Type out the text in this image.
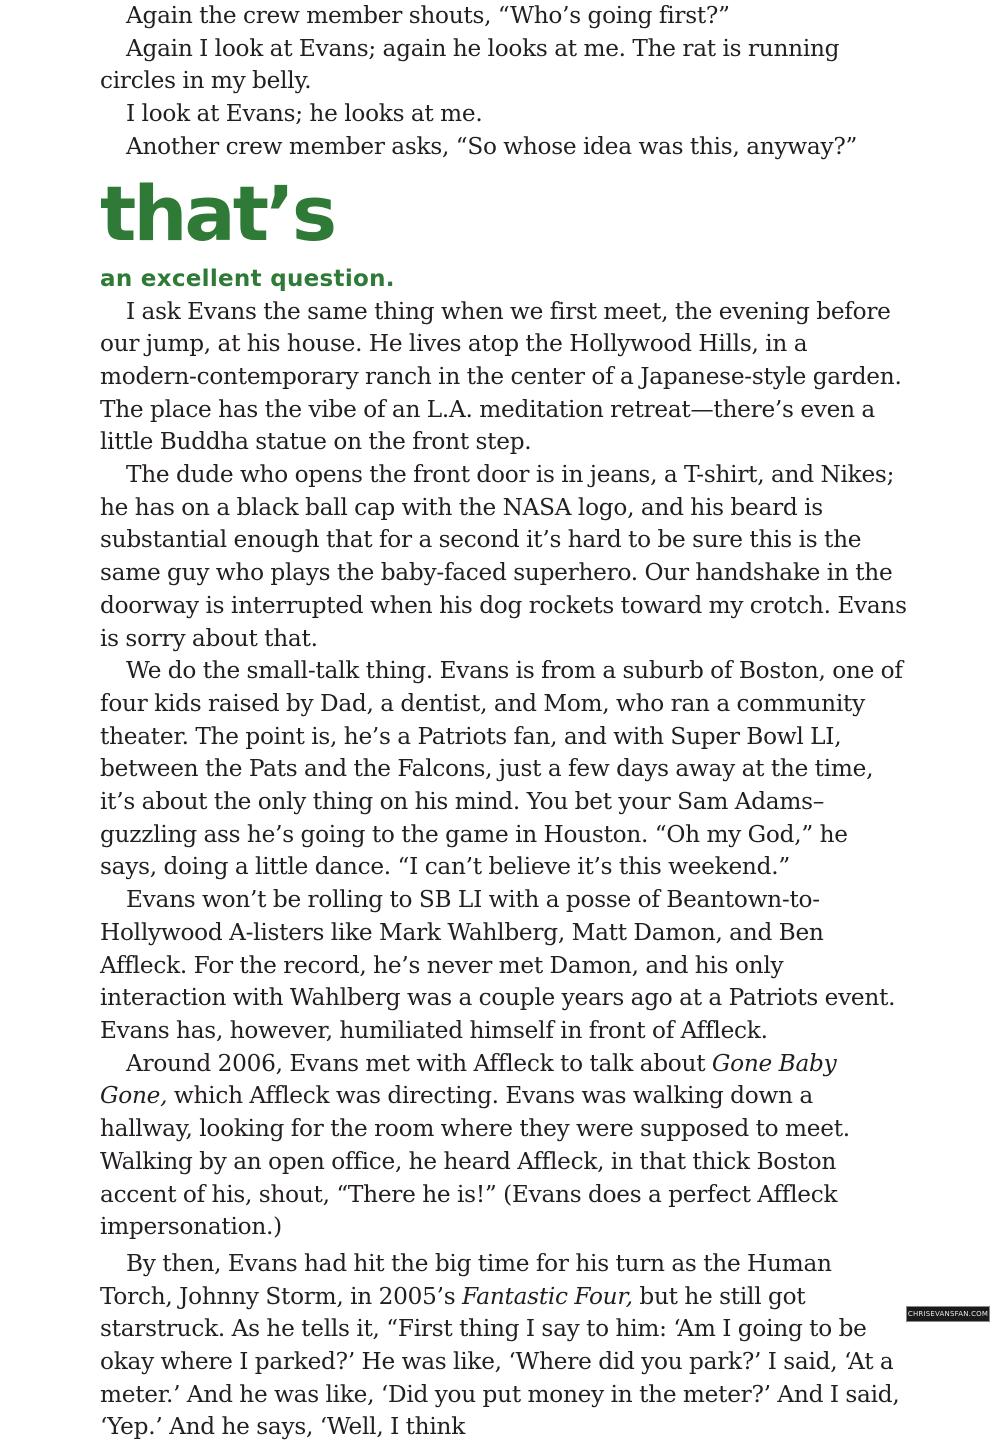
Again the crew member shouts, “Who’s going first?”

Again I look at Evans; again he looks at me. The rat is running circles in my belly.

I look at Evans; he looks at me.

Another crew member asks, “So whose idea was this, anyway?”

that’s
an excellent question.

I ask Evans the same thing when we first meet, the evening before our jump, at his house. He lives atop the Hollywood Hills, in a modern-contemporary ranch in the center of a Japanese-style garden. The place has the vibe of an L.A. meditation retreat—there’s even a little Buddha statue on the front step.

The dude who opens the front door is in jeans, a T-shirt, and Nikes; he has on a black ball cap with the NASA logo, and his beard is substantial enough that for a second it’s hard to be sure this is the same guy who plays the baby-faced superhero. Our handshake in the doorway is interrupted when his dog rockets toward my crotch. Evans is sorry about that.

We do the small-talk thing. Evans is from a suburb of Boston, one of four kids raised by Dad, a dentist, and Mom, who ran a community theater. The point is, he’s a Patriots fan, and with Super Bowl LI, between the Pats and the Falcons, just a few days away at the time, it’s about the only thing on his mind. You bet your Sam Adams–guzzling ass he’s going to the game in Houston. “Oh my God,” he says, doing a little dance. “I can’t believe it’s this weekend.”

Evans won’t be rolling to SB LI with a posse of Beantown-to-Hollywood A-listers like Mark Wahlberg, Matt Damon, and Ben Affleck. For the record, he’s never met Damon, and his only interaction with Wahlberg was a couple years ago at a Patriots event. Evans has, however, humiliated himself in front of Affleck.

Around 2006, Evans met with Affleck to talk about Gone Baby Gone, which Affleck was directing. Evans was walking down a hallway, looking for the room where they were supposed to meet. Walking by an open office, he heard Affleck, in that thick Boston accent of his, shout, “There he is!” (Evans does a perfect Affleck impersonation.)

By then, Evans had hit the big time for his turn as the Human Torch, Johnny Storm, in 2005’s Fantastic Four, but he still got starstruck. As he tells it, “First thing I say to him: ‘Am I going to be okay where I parked?’ He was like, ‘Where did you park?’ I said, ‘At a meter.’ And he was like, ‘Did you put money in the meter?’ And I said, ‘Yep.’ And he says, ‘Well, I think

CHRISEVANSFAN.COM
